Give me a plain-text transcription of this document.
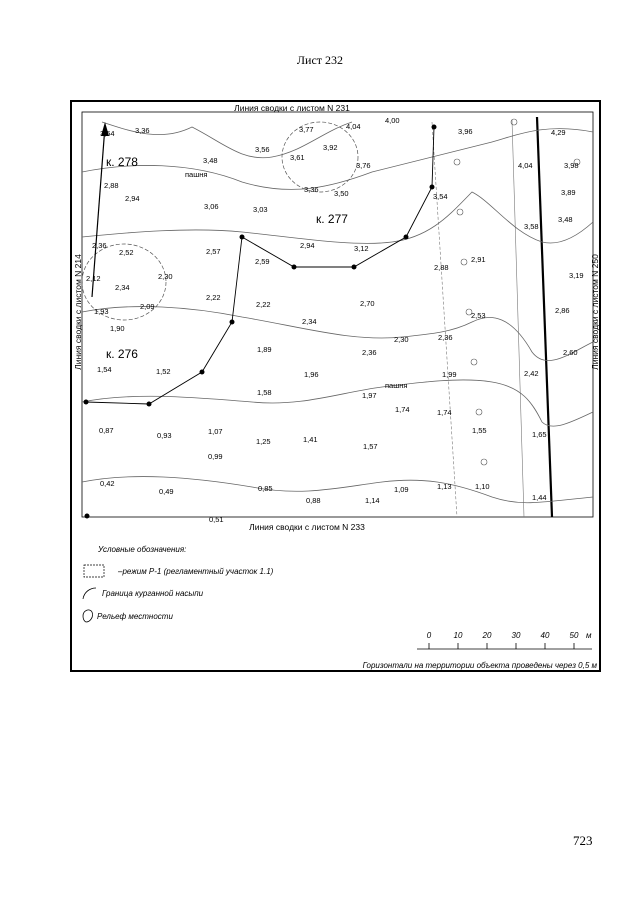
Лист 232
Линия сводки с листом N 231
Линия сводки с листом N 233
Линия сводки с листом N 214	Линия сводки с листом N 250
к. 278
к. 277
к. 276
пашня
пашня
3,64	3,36
3,48
3,56
3,61
3,77
3,92
4,04
4,00
3,76
3,96	4,29
2,88
2,94
3,06	3,03
3,36 3,50	3,54
4,04	3,98
3,89
3,48
3,58
2,36
2,52	2,57
2,59
2,94	3,12
2,91
2,88
3,19
2,12	2,30
2,34
2,09
2,22
2,22
2,34
2,70
2,53
2,86
1,93
1,90
1,89
2,30	2,36
2,36	2,60
1,54	1,52	1,96	1,99	2,42
1,58	1,97
1,74	1,74
0,87
0,93	1,07
1,25	1,41
1,57
1,55	1,65
0,99
0,42
0,49	0,85
0,88	1,14
1,09	1,13	1,10
1,44
0,51
Условные обозначения:
–режим Р-1 (регламентный участок 1.1)
Граница курганной насыпи
Рельеф местности
0	10	20	30	40	50 м
Горизонтали на территории объекта проведены через 0,5 м
723
